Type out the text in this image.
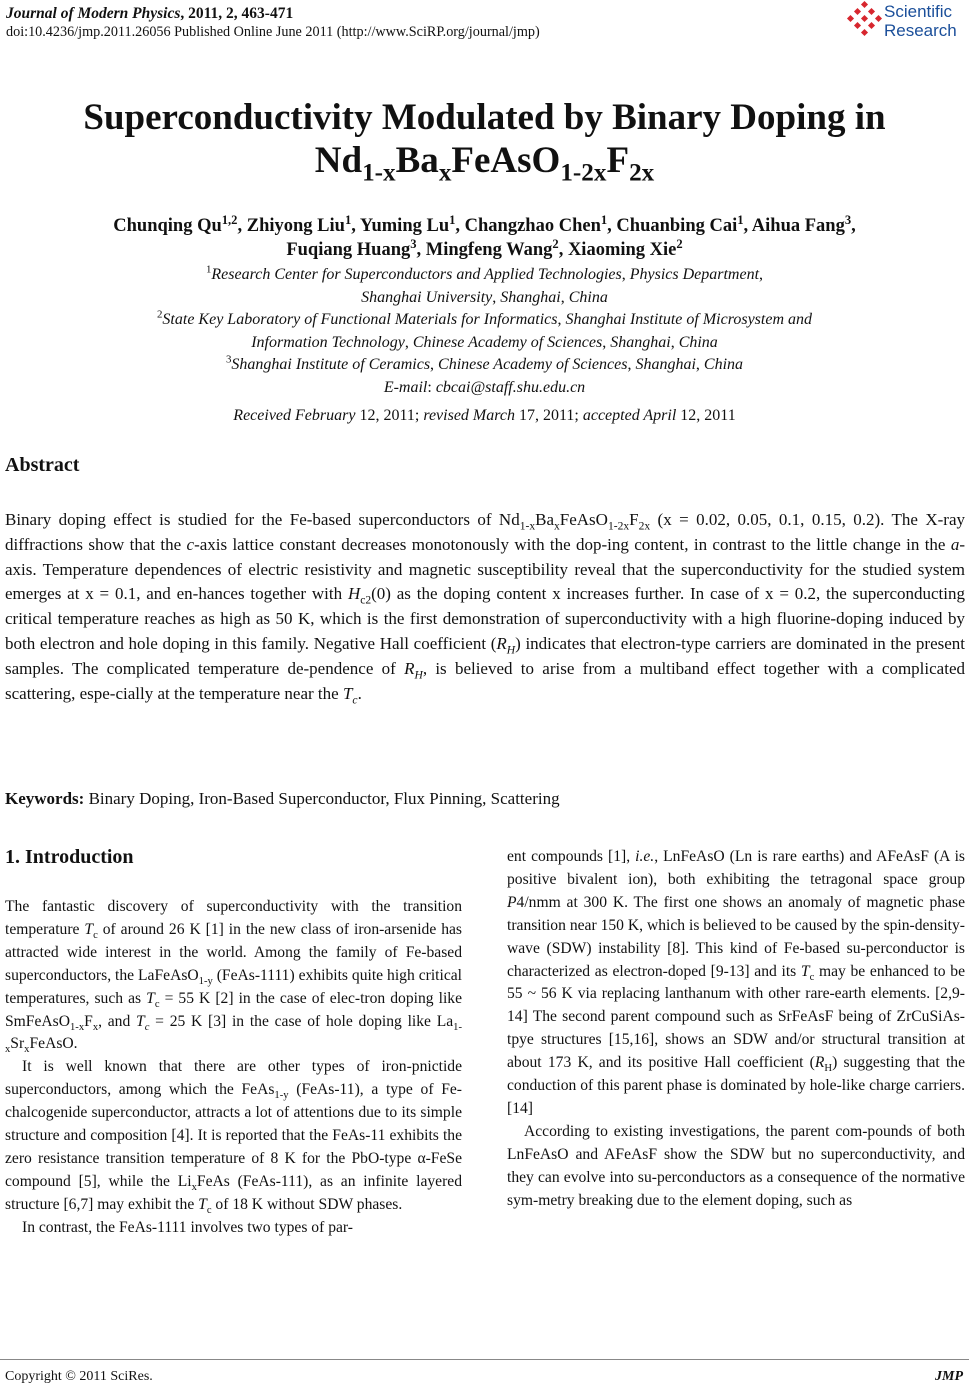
Journal of Modern Physics, 2011, 2, 463-471
doi:10.4236/jmp.2011.26056 Published Online June 2011 (http://www.SciRP.org/journal/jmp)
Scientific
Research
Superconductivity Modulated by Binary Doping in
$Nd_{1-x}Ba_xFeAsO_{1-2x}F_{2x}$
Chunqing Qu$^{1,2}$, Zhiyong Liu$^1$, Yuming Lu$^1$, Changzhao Chen$^1$, Chuanbing Cai$^1$, Aihua Fang$^3$,
Fuqiang Huang$^3$, Mingfeng Wang$^2$, Xiaoming Xie$^2$
$^1$Research Center for Superconductors and Applied Technologies, Physics Department,
Shanghai University, Shanghai, China
$^2$State Key Laboratory of Functional Materials for Informatics, Shanghai Institute of Microsystem and
Information Technology, Chinese Academy of Sciences, Shanghai, China
$^3$Shanghai Institute of Ceramics, Chinese Academy of Sciences, Shanghai, China
E-mail: cbcai@staff.shu.edu.cn
Received February 12, 2011; revised March 17, 2011; accepted April 12, 2011
Abstract

Binary doping effect is studied for the Fe-based superconductors of $Nd_{1-x}Ba_xFeAsO_{1-2x}F_{2x}$ (x = 0.02, 0.05, 0.1, 0.15, 0.2). The X-ray diffractions show that the c-axis lattice constant decreases monotonously with the dop-ing content, in contrast to the little change in the a-axis. Temperature dependences of electric resistivity and magnetic susceptibility reveal that the superconductivity for the studied system emerges at x = 0.1, and en-hances together with $H_{c2}(0)$ as the doping content x increases further. In case of x = 0.2, the superconducting critical temperature reaches as high as 50 K, which is the first demonstration of superconductivity with a high fluorine-doping induced by both electron and hole doping in this family. Negative Hall coefficient $(R_H)$ indicates that electron-type carriers are dominated in the present samples. The complicated temperature de-pendence of $R_H$, is believed to arise from a multiband effect together with a complicated scattering, espe-cially at the temperature near the $T_c$.

Keywords: Binary Doping, Iron-Based Superconductor, Flux Pinning, Scattering

1. Introduction

The fantastic discovery of superconductivity with the transition temperature $T_c$ of around 26 K [1] in the new class of iron-arsenide has attracted wide interest in the world. Among the family of Fe-based superconductors, the LaFeAsO$_{1-y}$ (FeAs-1111) exhibits quite high critical temperatures, such as $T_c = 55$ K [2] in the case of elec-tron doping like $SmFeAsO_{1-x}F_x$, and $T_c = 25$ K [3] in the case of hole doping like $La_{1-x}Sr_xFeAsO$.

It is well known that there are other types of iron-pnictide superconductors, among which the FeAs$_{1-y}$ (FeAs-11), a type of Fe-chalcogenide superconductor, attracts a lot of attentions due to its simple structure and composition [4]. It is reported that the FeAs-11 exhibits the zero resistance transition temperature of 8 K for the PbO-type α-FeSe compound [5], while the $Li_xFeAs$ (FeAs-111), as an infinite layered structure [6,7] may exhibit the $T_c$ of 18 K without SDW phases.

In contrast, the FeAs-1111 involves two types of par-

ent compounds [1], i.e., LnFeAsO (Ln is rare earths) and AFeAsF (A is positive bivalent ion), both exhibiting the tetragonal space group P4/nmm at 300 K. The first one shows an anomaly of magnetic phase transition near 150 K, which is believed to be caused by the spin-density-wave (SDW) instability [8]. This kind of Fe-based su-perconductor is characterized as electron-doped [9-13] and its $T_c$ may be enhanced to be 55 ~ 56 K via replacing lanthanum with other rare-earth elements. [2,9-14] The second parent compound such as SrFeAsF being of ZrCuSiAs-tpye structures [15,16], shows an SDW and/or structural transition at about 173 K, and its positive Hall coefficient $(R_H)$ suggesting that the conduction of this parent phase is dominated by hole-like charge carriers. [14]

According to existing investigations, the parent com-pounds of both LnFeAsO and AFeAsF show the SDW but no superconductivity, and they can evolve into su-perconductors as a consequence of the normative sym-metry breaking due to the element doping, such as

Copyright © 2011 SciRes.	JMP
